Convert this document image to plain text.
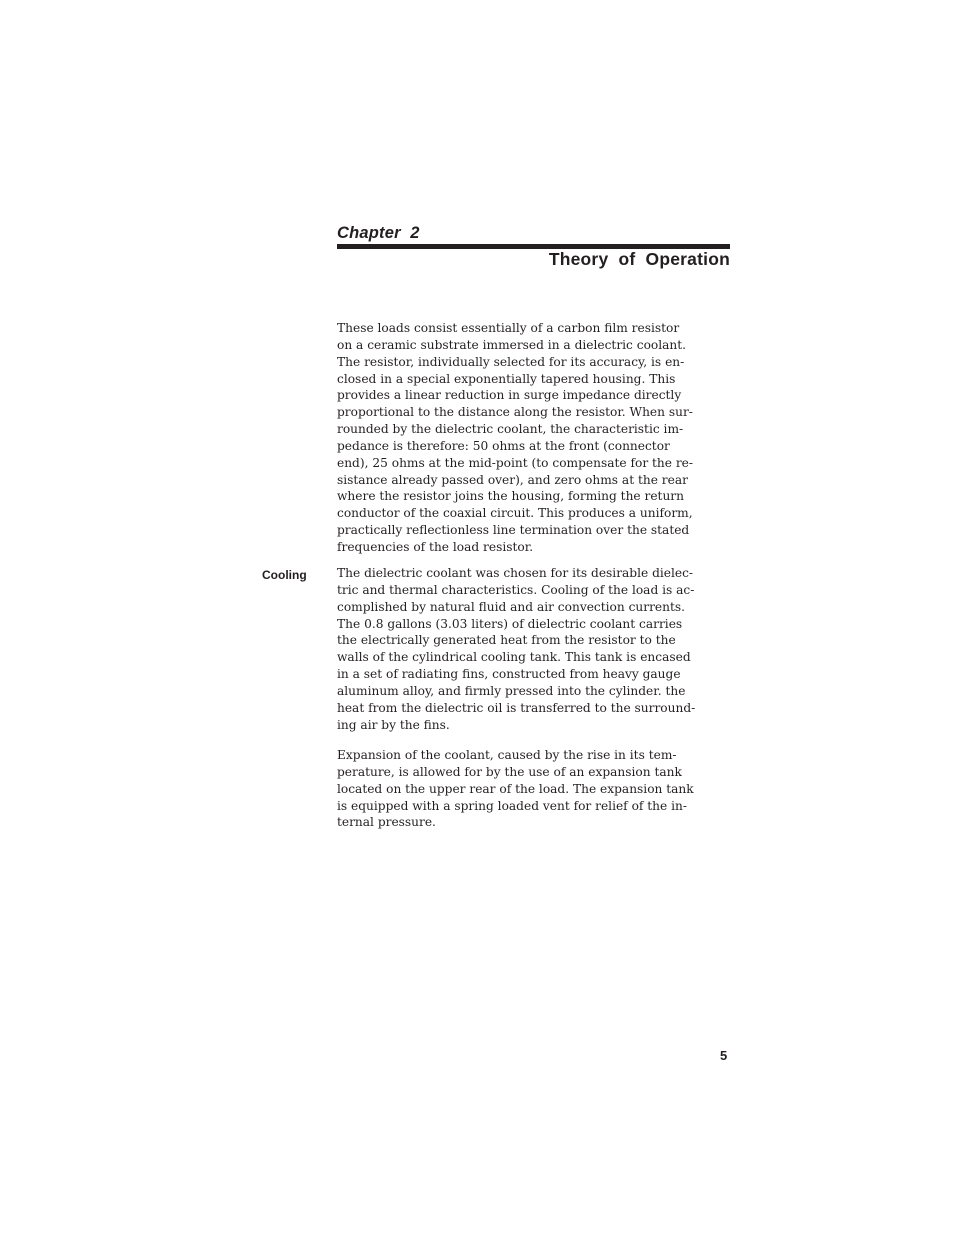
Chapter  2
Theory  of  Operation
These loads consist essentially of a carbon film resistor
on a ceramic substrate immersed in a dielectric coolant.
The resistor, individually selected for its accuracy, is en-
closed in a special exponentially tapered housing. This
provides a linear reduction in surge impedance directly
proportional to the distance along the resistor. When sur-
rounded by the dielectric coolant, the characteristic im-
pedance is therefore: 50 ohms at the front (connector
end), 25 ohms at the mid-point (to compensate for the re-
sistance already passed over), and zero ohms at the rear
where the resistor joins the housing, forming the return
conductor of the coaxial circuit. This produces a uniform,
practically reflectionless line termination over the stated
frequencies of the load resistor.
Cooling The dielectric coolant was chosen for its desirable dielec-
tric and thermal characteristics. Cooling of the load is ac-
complished by natural fluid and air convection currents.
The 0.8 gallons (3.03 liters) of dielectric coolant carries
the electrically generated heat from the resistor to the
walls of the cylindrical cooling tank. This tank is encased
in a set of radiating fins, constructed from heavy gauge
aluminum alloy, and firmly pressed into the cylinder. the
heat from the dielectric oil is transferred to the surround-
ing air by the fins.
Expansion of the coolant, caused by the rise in its tem-
perature, is allowed for by the use of an expansion tank
located on the upper rear of the load. The expansion tank
is equipped with a spring loaded vent for relief of the in-
ternal pressure.
5
